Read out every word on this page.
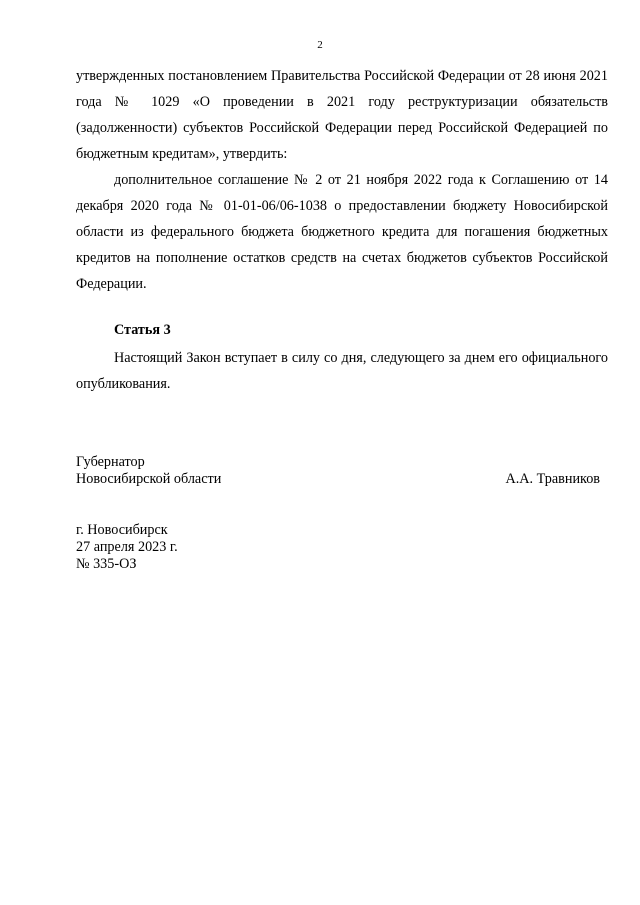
2
утвержденных постановлением Правительства Российской Федерации от 28 июня 2021 года № 1029 «О проведении в 2021 году реструктуризации обязательств (задолженности) субъектов Российской Федерации перед Российской Федерацией по бюджетным кредитам», утвердить:
дополнительное соглашение № 2 от 21 ноября 2022 года к Соглашению от 14 декабря 2020 года № 01-01-06/06-1038 о предоставлении бюджету Новосибирской области из федерального бюджета бюджетного кредита для погашения бюджетных кредитов на пополнение остатков средств на счетах бюджетов субъектов Российской Федерации.
Статья 3
Настоящий Закон вступает в силу со дня, следующего за днем его официального опубликования.
Губернатор
Новосибирской области	А.А. Травников
г. Новосибирск
27 апреля 2023 г.
№ 335-ОЗ
